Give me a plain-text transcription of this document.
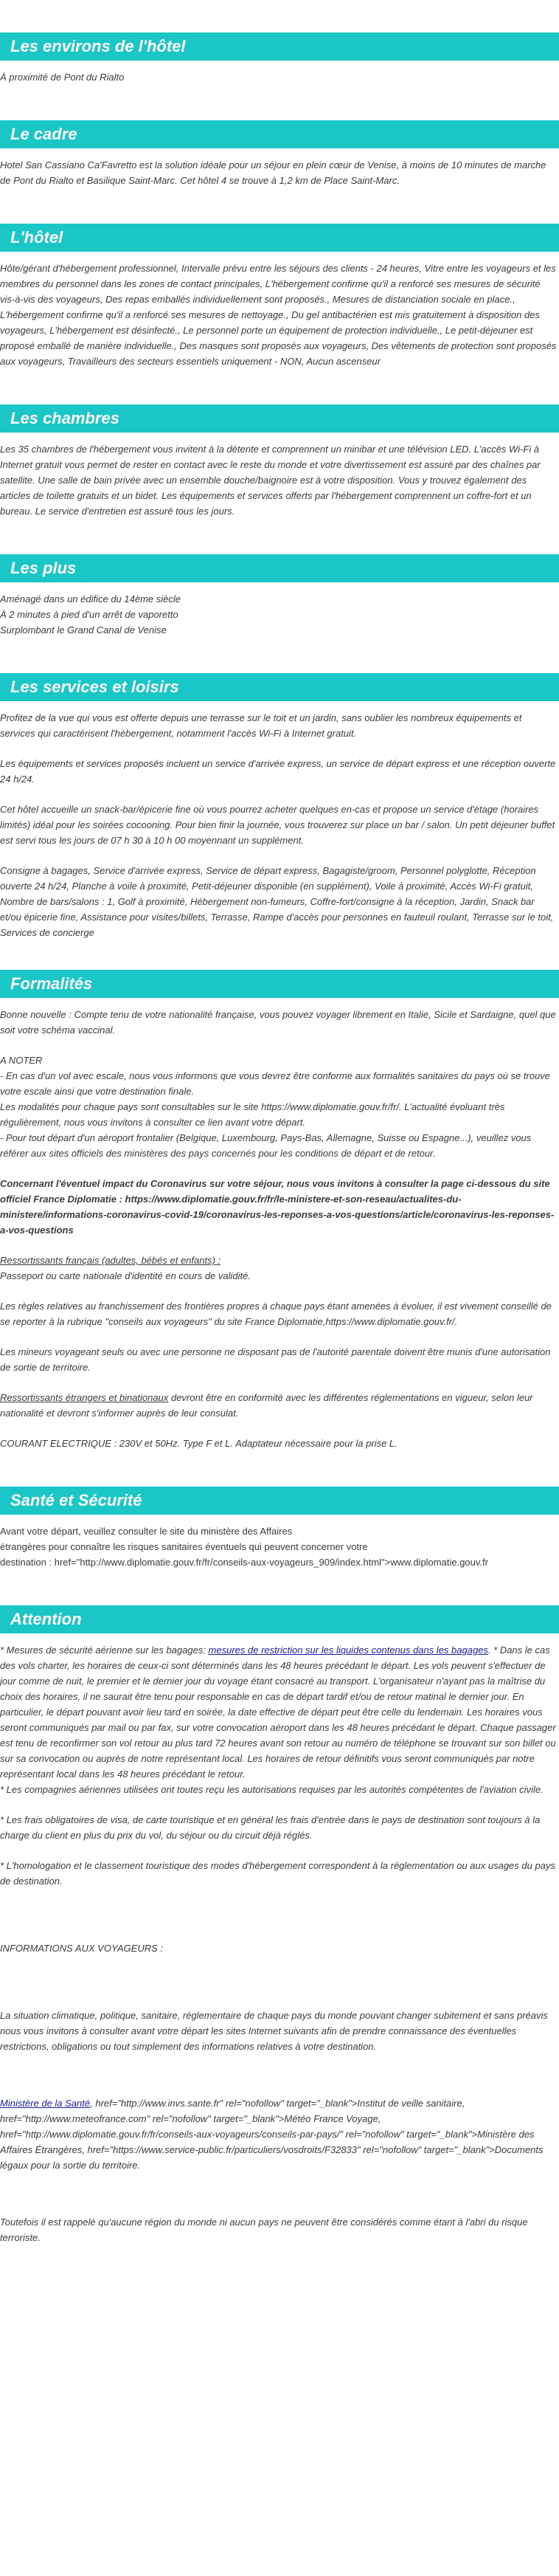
Les environs de l'hôtel

À proximité de Pont du Rialto

Le cadre

Hotel San Cassiano Ca'Favretto est la solution idéale pour un séjour en plein cœur de Venise, à moins de 10 minutes de marche de Pont du Rialto et Basilique Saint-Marc. Cet hôtel 4 se trouve à 1,2 km de Place Saint-Marc.

L'hôtel

Hôte/gérant d'hébergement professionnel, Intervalle prévu entre les séjours des clients - 24 heures, Vitre entre les voyageurs et les membres du personnel dans les zones de contact principales, L'hébergement confirme qu'il a renforcé ses mesures de sécurité vis-à-vis des voyageurs, Des repas emballés individuellement sont proposés., Mesures de distanciation sociale en place., L'hébergement confirme qu'il a renforcé ses mesures de nettoyage., Du gel antibactérien est mis gratuitement à disposition des voyageurs, L'hébergement est désinfecté., Le personnel porte un équipement de protection individuelle., Le petit-déjeuner est proposé emballé de manière individuelle., Des masques sont proposés aux voyageurs, Des vêtements de protection sont proposés aux voyageurs, Travailleurs des secteurs essentiels uniquement - NON, Aucun ascenseur

Les chambres

Les 35 chambres de l'hébergement vous invitent à la détente et comprennent un minibar et une télévision LED. L'accès Wi-Fi à Internet gratuit vous permet de rester en contact avec le reste du monde et votre divertissement est assuré par des chaînes par satellite. Une salle de bain privée avec un ensemble douche/baignoire est à votre disposition. Vous y trouvez également des articles de toilette gratuits et un bidet. Les équipements et services offerts par l'hébergement comprennent un coffre-fort et un bureau. Le service d'entretien est assuré tous les jours.

Les plus

Aménagé dans un édifice du 14ème siècle

À 2 minutes à pied d'un arrêt de vaporetto

Surplombant le Grand Canal de Venise

Les services et loisirs

Profitez de la vue qui vous est offerte depuis une terrasse sur le toit et un jardin, sans oublier les nombreux équipements et services qui caractérisent l'hébergement, notamment l'accès Wi-Fi à Internet gratuit.

Les équipements et services proposés incluent un service d'arrivée express, un service de départ express et une réception ouverte 24 h/24.

Cet hôtel accueille un snack-bar/épicerie fine où vous pourrez acheter quelques en-cas et propose un service d'étage (horaires limités) idéal pour les soirées cocooning. Pour bien finir la journée, vous trouverez sur place un bar / salon. Un petit déjeuner buffet est servi tous les jours de 07 h 30 à 10 h 00 moyennant un supplément.

Consigne à bagages, Service d'arrivée express, Service de départ express, Bagagiste/groom, Personnel polyglotte, Réception ouverte 24 h/24, Planche à voile à proximité, Petit-déjeuner disponible (en supplément), Voile à proximité, Accès Wi-Fi gratuit, Nombre de bars/salons : 1, Golf à proximité, Hébergement non-fumeurs, Coffre-fort/consigne à la réception, Jardin, Snack bar et/ou épicerie fine, Assistance pour visites/billets, Terrasse, Rampe d'accès pour personnes en fauteuil roulant, Terrasse sur le toit, Services de concierge

Formalités

Bonne nouvelle : Compte tenu de votre nationalité française, vous pouvez voyager librement en Italie, Sicile et Sardaigne, quel que soit votre schéma vaccinal.

A NOTER

- En cas d'un vol avec escale, nous vous informons que vous devrez être conforme aux formalités sanitaires du pays où se trouve votre escale ainsi que votre destination finale.

Les modalités pour chaque pays sont consultables sur le site https://www.diplomatie.gouv.fr/fr/. L'actualité évoluant très régulièrement, nous vous invitons à consulter ce lien avant votre départ.

- Pour tout départ d'un aéroport frontalier (Belgique, Luxembourg, Pays-Bas, Allemagne, Suisse ou Espagne...), veuillez vous référer aux sites officiels des ministères des pays concernés pour les conditions de départ et de retour.

Concernant l'éventuel impact du Coronavirus sur votre séjour, nous vous invitons à consulter la page ci-dessous du site officiel France Diplomatie : https://www.diplomatie.gouv.fr/fr/le-ministere-et-son-reseau/actualites-du-ministere/informations-coronavirus-covid-19/coronavirus-les-reponses-a-vos-questions/article/coronavirus-les-reponses-a-vos-questions

Ressortissants français (adultes, bébés et enfants) :

Passeport ou carte nationale d'identité en cours de validité.

Les règles relatives au franchissement des frontières propres à chaque pays étant amenées à évoluer, il est vivement conseillé de se reporter à la rubrique "conseils aux voyageurs" du site France Diplomatie,https://www.diplomatie.gouv.fr/.

Les mineurs voyageant seuls ou avec une personne ne disposant pas de l'autorité parentale doivent être munis d'une autorisation de sortie de territoire.

Ressortissants étrangers et binationaux devront être en conformité avec les différentes réglementations en vigueur, selon leur nationalité et devront s'informer auprès de leur consulat.

COURANT ELECTRIQUE : 230V et 50Hz. Type F et L. Adaptateur nécessaire pour la prise L.

Santé et Sécurité

Avant votre départ, veuillez consulter le site du ministère des Affaires

étrangères pour connaître les risques sanitaires éventuels qui peuvent concerner votre

destination : href="http://www.diplomatie.gouv.fr/fr/conseils-aux-voyageurs_909/index.html">www.diplomatie.gouv.fr

Attention

* Mesures de sécurité aérienne sur les bagages: mesures de restriction sur les liquides contenus dans les bagages. * Dans le cas des vols charter, les horaires de ceux-ci sont déterminés dans les 48 heures précédant le départ. Les vols peuvent s'effectuer de jour comme de nuit, le premier et le dernier jour du voyage étant consacré au transport. L'organisateur n'ayant pas la maîtrise du choix des horaires, il ne saurait être tenu pour responsable en cas de départ tardif et/ou de retour matinal le dernier jour. En particulier, le départ pouvant avoir lieu tard en soirée, la date effective de départ peut être celle du lendemain. Les horaires vous seront communiqués par mail ou par fax, sur votre convocation aéroport dans les 48 heures précédant le départ. Chaque passager est tenu de reconfirmer son vol retour au plus tard 72 heures avant son retour au numéro de téléphone se trouvant sur son billet ou sur sa convocation ou auprès de notre représentant local. Les horaires de retour définitifs vous seront communiqués par notre représentant local dans les 48 heures précédant le retour.

* Les compagnies aériennes utilisées ont toutes reçu les autorisations requises par les autorités compétentes de l'aviation civile.

* Les frais obligatoires de visa, de carte touristique et en général les frais d'entrée dans le pays de destination sont toujours à la charge du client en plus du prix du vol, du séjour ou du circuit déjà réglés.

* L'homologation et le classement touristique des modes d'hébergement correspondent à la réglementation ou aux usages du pays de destination.

INFORMATIONS AUX VOYAGEURS :

La situation climatique, politique, sanitaire, réglementaire de chaque pays du monde pouvant changer subitement et sans préavis

nous vous invitons à consulter avant votre départ les sites Internet suivants afin de prendre connaissance des éventuelles restrictions, obligations ou tout simplement des informations relatives à votre destination.

Ministère de la Santé, href="http://www.invs.sante.fr" rel="nofollow" target="_blank">Institut de veille sanitaire, href="http://www.meteofrance.com" rel="nofollow" target="_blank">Météo France Voyage, href="http://www.diplomatie.gouv.fr/fr/conseils-aux-voyageurs/conseils-par-pays/" rel="nofollow" target="_blank">Ministère des Affaires Étrangères, href="https://www.service-public.fr/particuliers/vosdroits/F32833" rel="nofollow" target="_blank">Documents légaux pour la sortie du territoire.

Toutefois il est rappelé qu'aucune région du monde ni aucun pays ne peuvent être considérés comme étant à l'abri du risque terroriste.
